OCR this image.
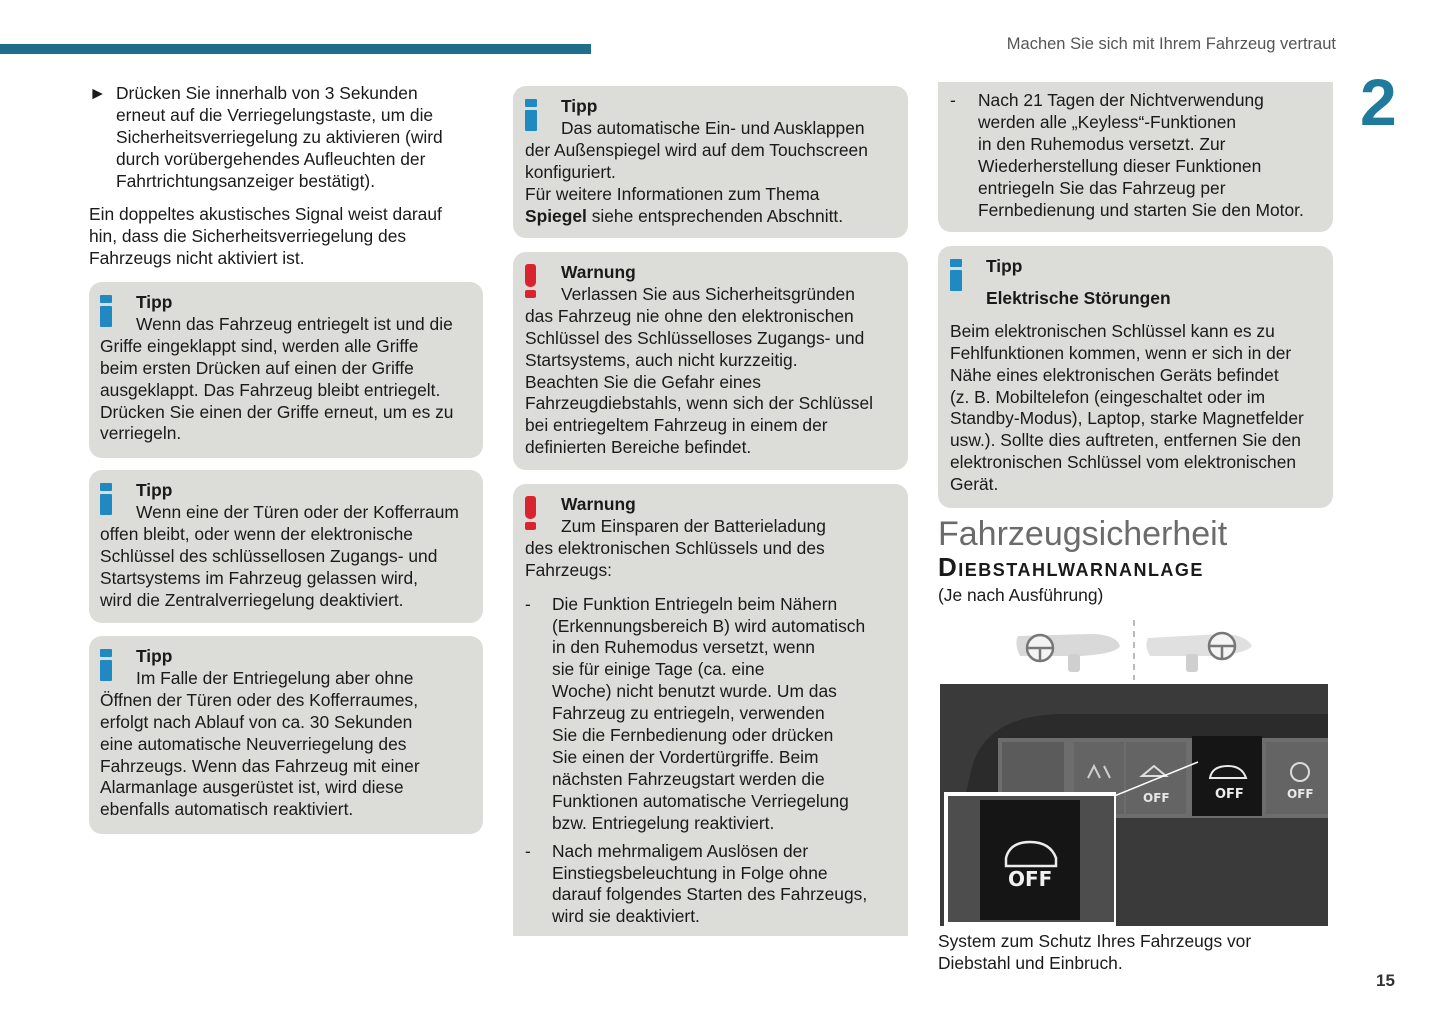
Machen Sie sich mit Ihrem Fahrzeug vertraut
2
15
► Drücken Sie innerhalb von 3 Sekunden
erneut auf die Verriegelungstaste, um die
Sicherheitsverriegelung zu aktivieren (wird
durch vorübergehendes Aufleuchten der
Fahrtrichtungsanzeiger bestätigt).
Ein doppeltes akustisches Signal weist darauf
hin, dass die Sicherheitsverriegelung des
Fahrzeugs nicht aktiviert ist.
Tipp
Wenn das Fahrzeug entriegelt ist und die
Griffe eingeklappt sind, werden alle Griffe
beim ersten Drücken auf einen der Griffe
ausgeklappt. Das Fahrzeug bleibt entriegelt.
Drücken Sie einen der Griffe erneut, um es zu
verriegeln.
Tipp
Wenn eine der Türen oder der Kofferraum
offen bleibt, oder wenn der elektronische
Schlüssel des schlüssellosen Zugangs- und
Startsystems im Fahrzeug gelassen wird,
wird die Zentralverriegelung deaktiviert.
Tipp
Im Falle der Entriegelung aber ohne
Öffnen der Türen oder des Kofferraumes,
erfolgt nach Ablauf von ca. 30 Sekunden
eine automatische Neuverriegelung des
Fahrzeugs. Wenn das Fahrzeug mit einer
Alarmanlage ausgerüstet ist, wird diese
ebenfalls automatisch reaktiviert.
Tipp
Das automatische Ein- und Ausklappen
der Außenspiegel wird auf dem Touchscreen
konfiguriert.
Für weitere Informationen zum Thema
Spiegel siehe entsprechenden Abschnitt.
Warnung
Verlassen Sie aus Sicherheitsgründen
das Fahrzeug nie ohne den elektronischen
Schlüssel des Schlüsselloses Zugangs- und
Startsystems, auch nicht kurzzeitig.
Beachten Sie die Gefahr eines
Fahrzeugdiebstahls, wenn sich der Schlüssel
bei entriegeltem Fahrzeug in einem der
definierten Bereiche befindet.
Warnung
Zum Einsparen der Batterieladung
des elektronischen Schlüssels und des
Fahrzeugs:
-	Die Funktion Entriegeln beim Nähern
(Erkennungsbereich B) wird automatisch
in den Ruhemodus versetzt, wenn
sie für einige Tage (ca. eine
Woche) nicht benutzt wurde. Um das
Fahrzeug zu entriegeln, verwenden
Sie die Fernbedienung oder drücken
Sie einen der Vordertürgriffe. Beim
nächsten Fahrzeugstart werden die
Funktionen automatische Verriegelung
bzw. Entriegelung reaktiviert.
-	Nach mehrmaligem Auslösen der
Einstiegsbeleuchtung in Folge ohne
darauf folgendes Starten des Fahrzeugs,
wird sie deaktiviert.
-	Nach 21 Tagen der Nichtverwendung
werden alle „Keyless“-Funktionen
in den Ruhemodus versetzt. Zur
Wiederherstellung dieser Funktionen
entriegeln Sie das Fahrzeug per
Fernbedienung und starten Sie den Motor.
Tipp
Elektrische Störungen
Beim elektronischen Schlüssel kann es zu
Fehlfunktionen kommen, wenn er sich in der
Nähe eines elektronischen Geräts befindet
(z. B. Mobiltelefon (eingeschaltet oder im
Standby-Modus), Laptop, starke Magnetfelder
usw.). Sollte dies auftreten, entfernen Sie den
elektronischen Schlüssel vom elektronischen
Gerät.
Fahrzeugsicherheit
Diebstahlwarnanlage
(Je nach Ausführung)
OFF	OFF	OFF
OFF
System zum Schutz Ihres Fahrzeugs vor
Diebstahl und Einbruch.
